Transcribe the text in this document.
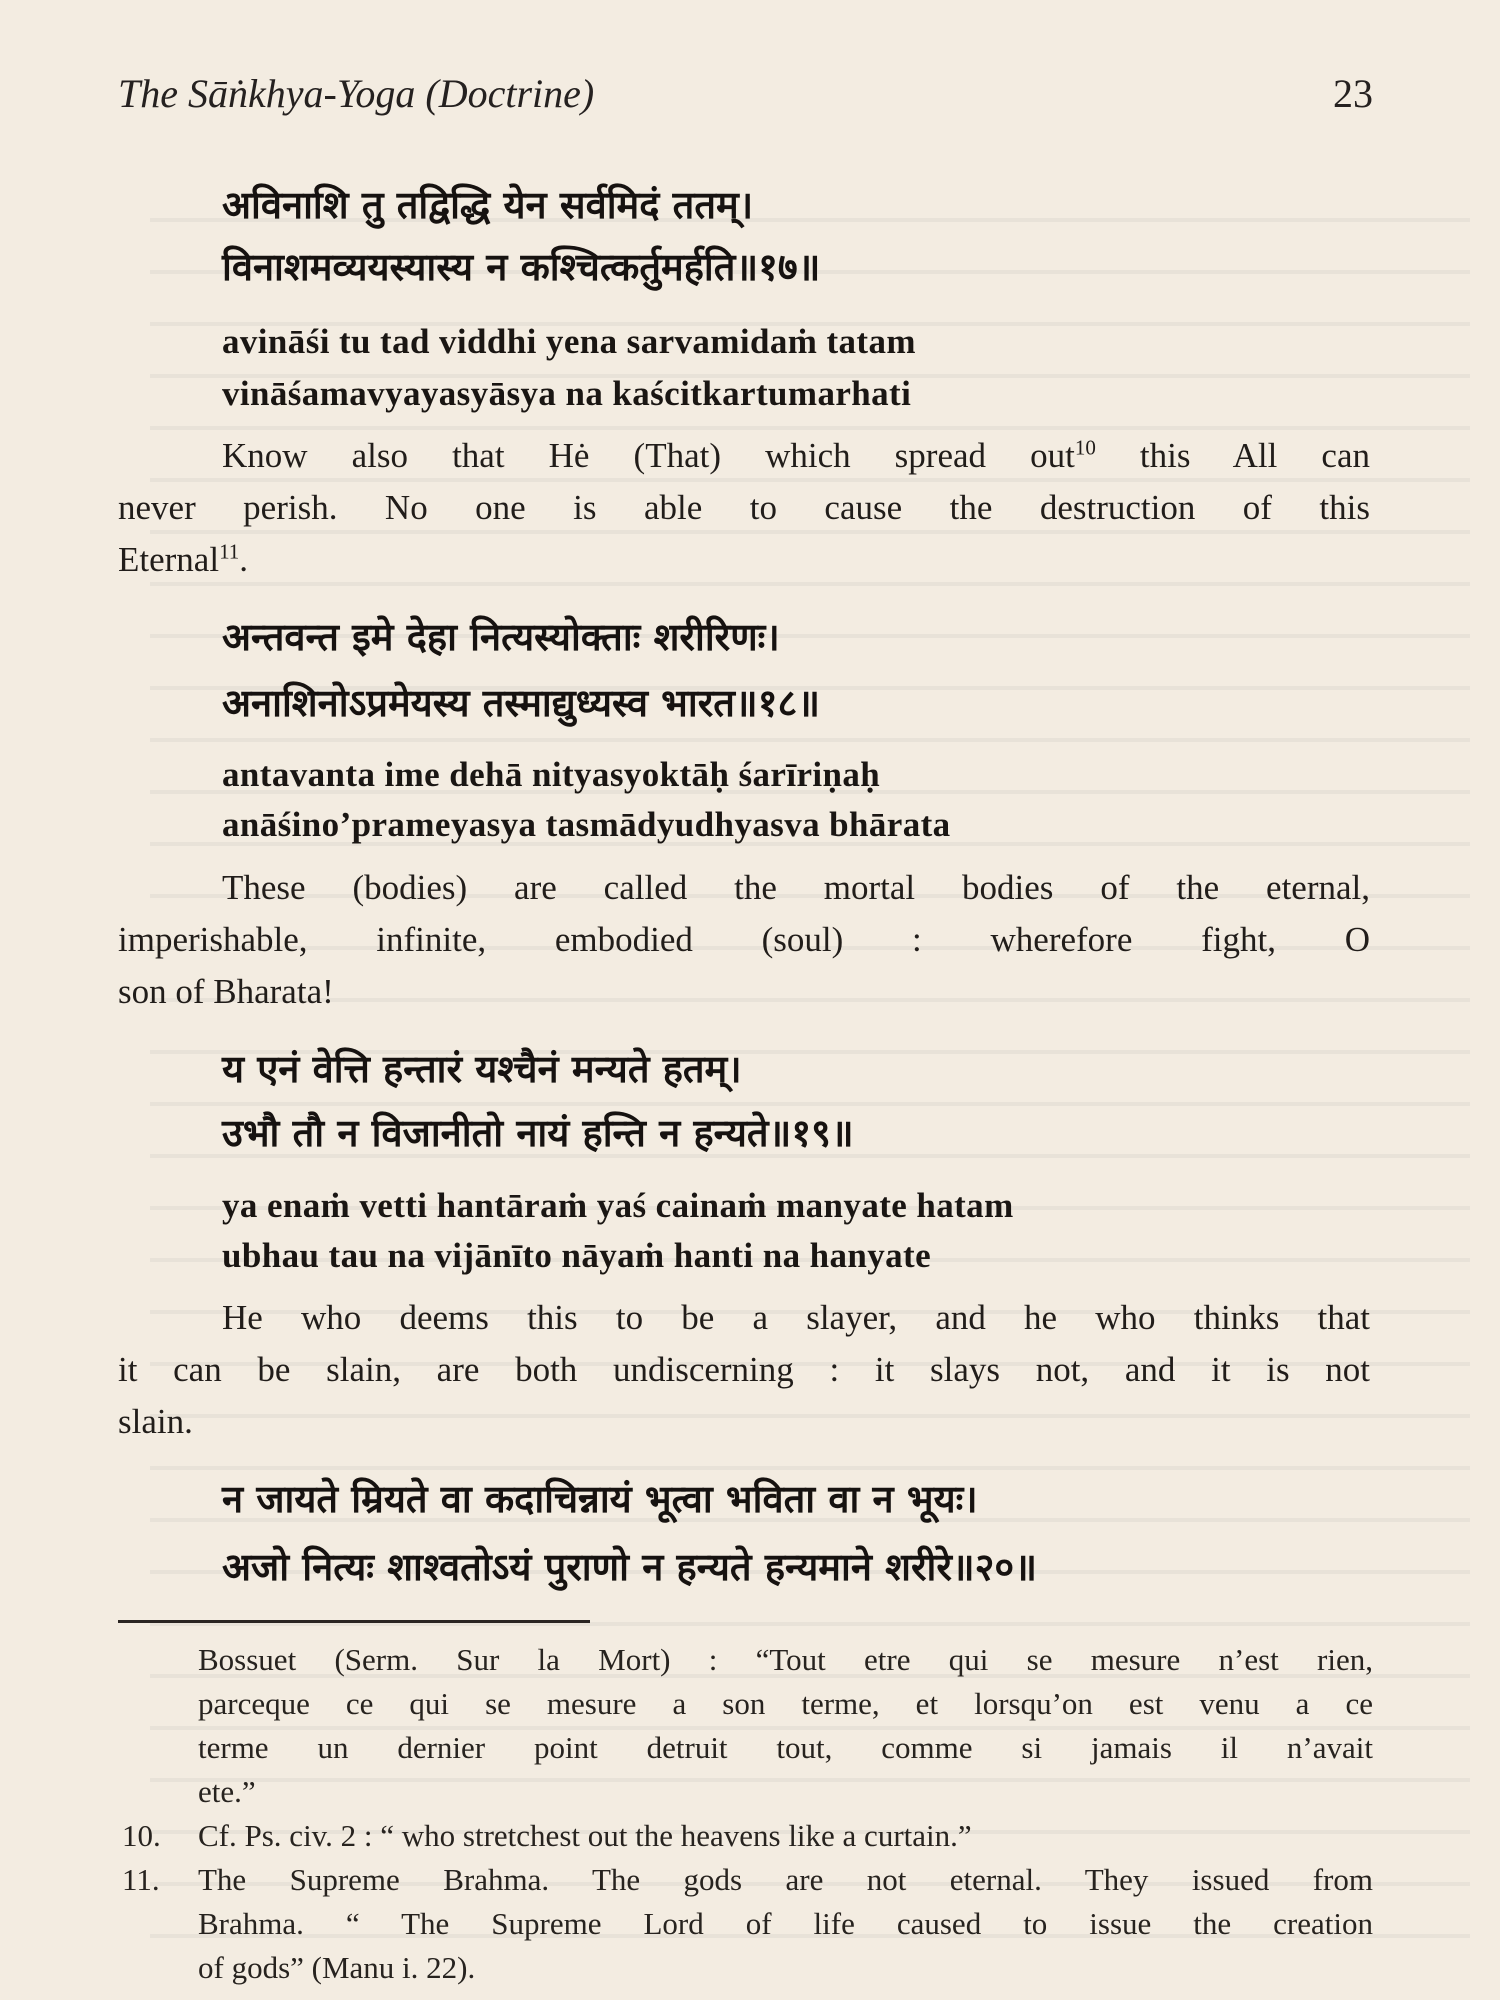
The Sāṅkhya-Yoga (Doctrine)	23
अविनाशि तु तद्विद्धि येन सर्वमिदं ततम्।
विनाशमव्ययस्यास्य न कश्चित्कर्तुमर्हति॥१७॥
avināśi tu tad viddhi yena sarvamidaṁ tatam
vināśamavyayasyāsya na kaścitkartumarhati
Know also that Hė (That) which spread out$^{10}$ this All can
never perish. No one is able to cause the destruction of this
Eternal$^{11}$.
अन्तवन्त इमे देहा नित्यस्योक्ताः शरीरिणः।
अनाशिनोऽप्रमेयस्य तस्माद्युध्यस्व भारत॥१८॥
antavanta ime dehā nityasyoktāḥ śarīriṇaḥ
anāśino’prameyasya tasmādyudhyasva bhārata
These (bodies) are called the mortal bodies of the eternal,
imperishable, infinite, embodied (soul) : wherefore fight, O
son of Bharata!
य एनं वेत्ति हन्तारं यश्चैनं मन्यते हतम्।
उभौ तौ न विजानीतो नायं हन्ति न हन्यते॥१९॥
ya enaṁ vetti hantāraṁ yaś cainaṁ manyate hatam
ubhau tau na vijānīto nāyaṁ hanti na hanyate
He who deems this to be a slayer, and he who thinks that
it can be slain, are both undiscerning : it slays not, and it is not
slain.
न जायते म्रियते वा कदाचिन्नायं भूत्वा भविता वा न भूयः।
अजो नित्यः शाश्वतोऽयं पुराणो न हन्यते हन्यमाने शरीरे॥२०॥
Bossuet (Serm. Sur la Mort) : “Tout etre qui se mesure n’est rien,
parceque ce qui se mesure a son terme, et lorsqu’on est venu a ce
terme un dernier point detruit tout, comme si jamais il n’avait
ete.”
10. Cf. Ps. civ. 2 : “ who stretchest out the heavens like a curtain.”
11. The Supreme Brahma. The gods are not eternal. They issued from
Brahma. “ The Supreme Lord of life caused to issue the creation
of gods” (Manu i. 22).
